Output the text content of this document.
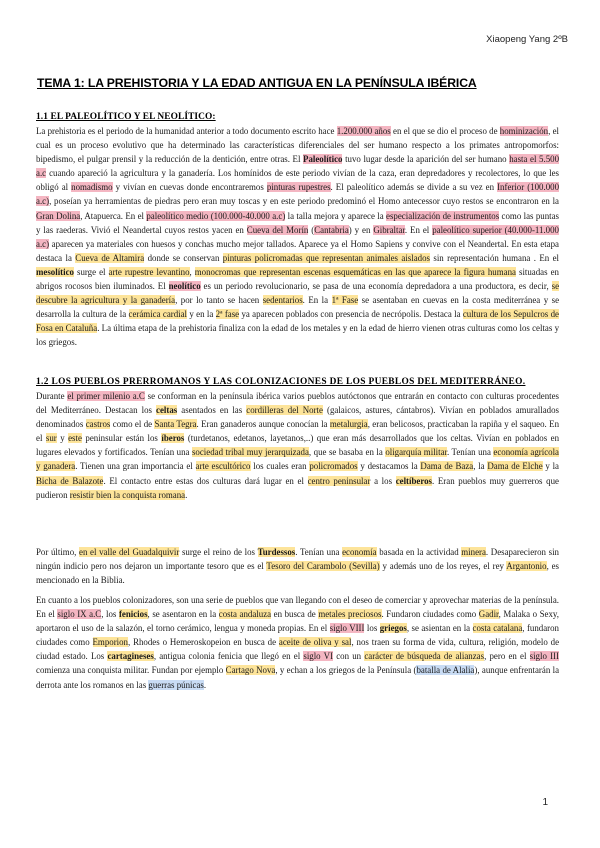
Xiaopeng Yang 2ºB
TEMA 1: LA PREHISTORIA Y LA EDAD ANTIGUA EN LA PENÍNSULA IBÉRICA
1.1 EL PALEOLÍTICO Y EL NEOLÍTICO:

La prehistoria es el periodo de la humanidad anterior a todo documento escrito hace 1.200.000 años en el que se dio el proceso de hominización, el cual es un proceso evolutivo que ha determinado las características diferenciales del ser humano respecto a los primates antropomorfos: bipedismo, el pulgar prensil y la reducción de la dentición, entre otras. El Paleolítico tuvo lugar desde la aparición del ser humano hasta el 5.500 a.c cuando apareció la agricultura y la ganadería. Los homínidos de este periodo vivían de la caza, eran depredadores y recolectores, lo que les obligó al nomadismo y vivían en cuevas donde encontraremos pinturas rupestres. El paleolítico además se divide a su vez en Inferior (100.000 a.c), poseían ya herramientas de piedras pero eran muy toscas y en este periodo predominó el Homo antecessor cuyo restos se encontraron en la Gran Dolina, Atapuerca. En el paleolítico medio (100.000-40.000 a.c) la talla mejora y aparece la especialización de instrumentos como las puntas y las raederas. Vivió el Neandertal cuyos restos yacen en Cueva del Morín (Cantabria) y en Gibraltar. En el paleolítico superior (40.000-11.000 a.c) aparecen ya materiales con huesos y conchas mucho mejor tallados. Aparece ya el Homo Sapiens y convive con el Neandertal. En esta etapa destaca la Cueva de Altamira donde se conservan pinturas policromadas que representan animales aislados sin representación humana . En el mesolítico surge el arte rupestre levantino, monocromas que representan escenas esquemáticas en las que aparece la figura humana situadas en abrigos rocosos bien iluminados. El neolítico es un periodo revolucionario, se pasa de una economía depredadora a una productora, es decir, se descubre la agricultura y la ganadería, por lo tanto se hacen sedentarios. En la 1ª Fase se asentaban en cuevas en la costa mediterránea y se desarrolla la cultura de la cerámica cardial y en la 2ª fase ya aparecen poblados con presencia de necrópolis. Destaca la cultura de los Sepulcros de Fosa en Cataluña. La última etapa de la prehistoria finaliza con la edad de los metales y en la edad de hierro vienen otras culturas como los celtas y los griegos.

1.2 LOS PUEBLOS PRERROMANOS Y LAS COLONIZACIONES DE LOS PUEBLOS DEL MEDITERRÁNEO.

Durante el primer milenio a.C se conforman en la península ibérica varios pueblos autóctonos que entrarán en contacto con culturas procedentes del Mediterráneo. Destacan los celtas asentados en las cordilleras del Norte (galaicos, astures, cántabros). Vivían en poblados amurallados denominados castros como el de Santa Tegra. Eran ganaderos aunque conocían la metalurgia, eran belicosos, practicaban la rapiña y el saqueo. En el sur y este peninsular están los íberos (turdetanos, edetanos, layetanos,..) que eran más desarrollados que los celtas. Vivían en poblados en lugares elevados y fortificados. Tenían una sociedad tribal muy jerarquizada, que se basaba en la oligarquía militar. Tenían una economía agrícola y ganadera. Tienen una gran importancia el arte escultórico los cuales eran policromados y destacamos la Dama de Baza, la Dama de Elche y la Bicha de Balazote. El contacto entre estas dos culturas dará lugar en el centro peninsular a los celtíberos. Eran pueblos muy guerreros que pudieron resistir bien la conquista romana.

Por último, en el valle del Guadalquivir surge el reino de los Turdessos. Tenían una economía basada en la actividad minera. Desaparecieron sin ningún indicio pero nos dejaron un importante tesoro que es el Tesoro del Carambolo (Sevilla) y además uno de los reyes, el rey Argantonio, es mencionado en la Biblia.

En cuanto a los pueblos colonizadores, son una serie de pueblos que van llegando con el deseo de comerciar y aprovechar materias de la península. En el siglo IX a.C, los fenicios, se asentaron en la costa andaluza en busca de metales preciosos. Fundaron ciudades como Gadir, Malaka o Sexy, aportaron el uso de la salazón, el torno cerámico, lengua y moneda propias. En el siglo VIII los griegos, se asientan en la costa catalana, fundaron ciudades como Emporion, Rhodes o Hemeroskopeion en busca de aceite de oliva y sal, nos traen su forma de vida, cultura, religión, modelo de ciudad estado. Los cartagineses, antigua colonia fenicia que llegó en el siglo VI con un carácter de búsqueda de alianzas, pero en el siglo III comienza una conquista militar. Fundan por ejemplo Cartago Nova, y echan a los griegos de la Península (batalla de Alalia), aunque enfrentarán la derrota ante los romanos en las guerras púnicas.

1
